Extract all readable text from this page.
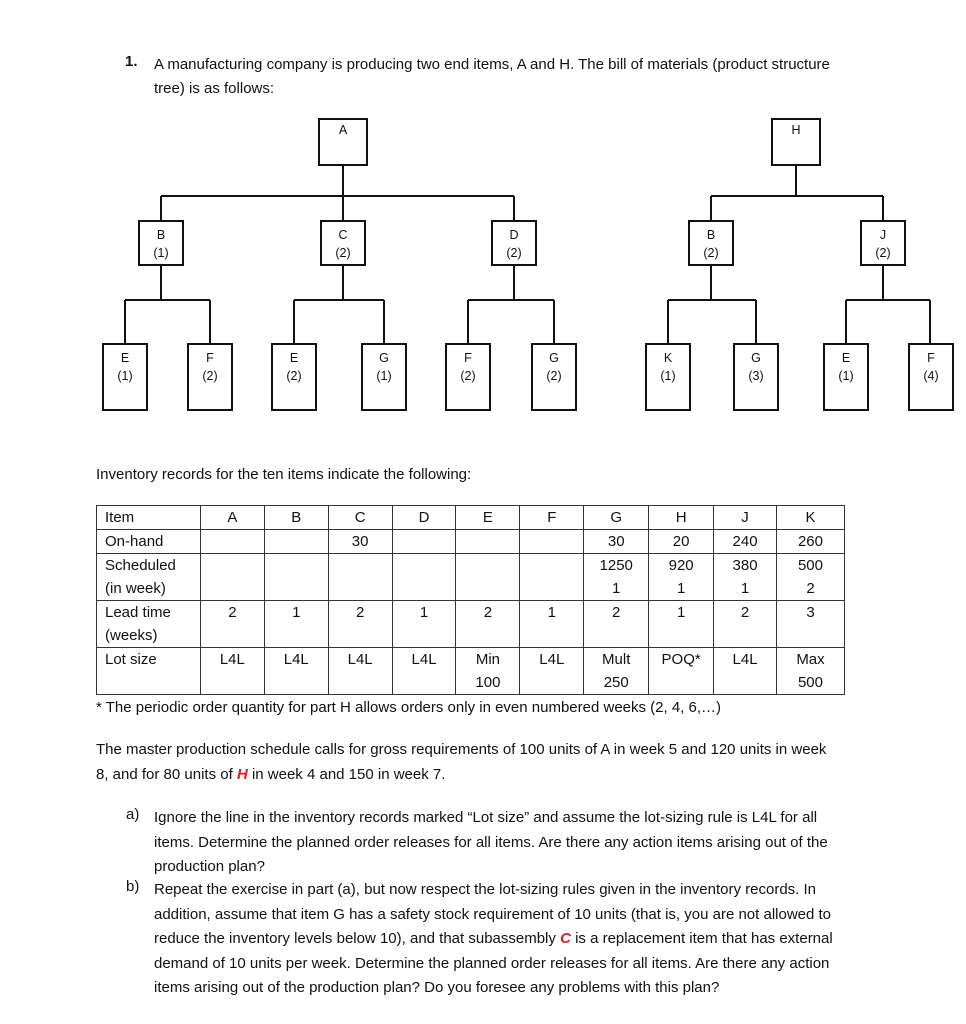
1. A manufacturing company is producing two end items, A and H. The bill of materials (product structure tree) is as follows:
A	H
B
(1)
C
(2)
D
(2)
B
(2)
J
(2)
E
(1)
F
(2)
E
(2)
G
(1)
F
(2)
G
(2)
K
(1)
G
(3)
E
(1)
F
(4)
Inventory records for the ten items indicate the following:
Item	A	B	C	D	E	F	G	H	J	K
On-hand			30				30	20	240	260
Scheduled							1250	920	380	500
(in week)							1	1	1	2
Lead time	2	1	2	1	2	1	2	1	2	3
(weeks)										
Lot size	L4L	L4L	L4L	L4L	Min	L4L	Mult	POQ*	L4L	Max
					100		250			500
* The periodic order quantity for part H allows orders only in even numbered weeks (2, 4, 6,…)
The master production schedule calls for gross requirements of 100 units of A in week 5 and 120 units in week 8, and for 80 units of H in week 4 and 150 in week 7.
a) Ignore the line in the inventory records marked “Lot size” and assume the lot-sizing rule is L4L for all items. Determine the planned order releases for all items. Are there any action items arising out of the production plan?
b) Repeat the exercise in part (a), but now respect the lot-sizing rules given in the inventory records. In addition, assume that item G has a safety stock requirement of 10 units (that is, you are not allowed to reduce the inventory levels below 10), and that subassembly C is a replacement item that has external demand of 10 units per week. Determine the planned order releases for all items. Are there any action items arising out of the production plan? Do you foresee any problems with this plan?
